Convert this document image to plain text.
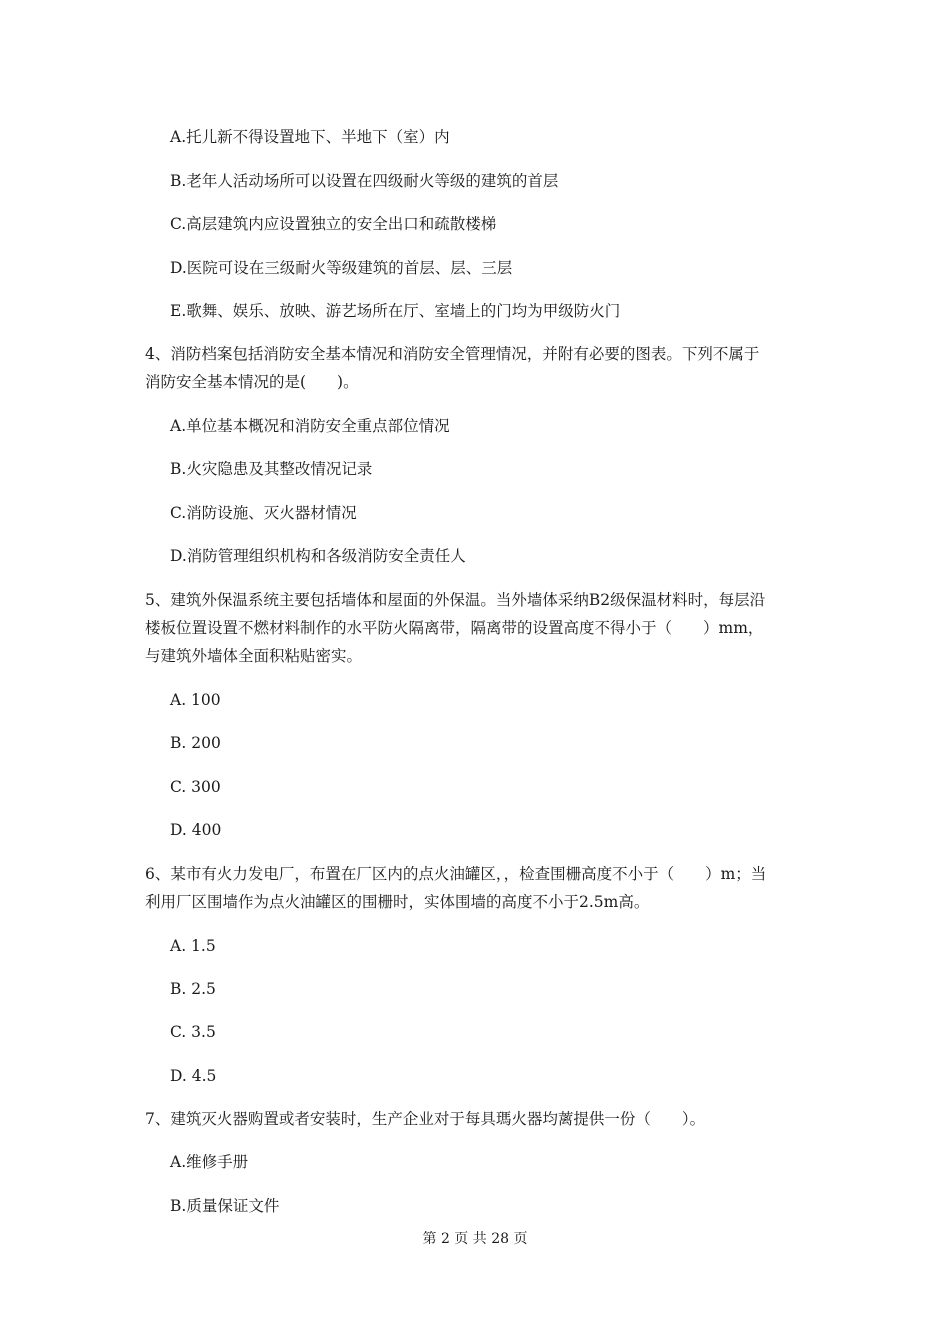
A.托儿新不得设置地下、半地下（室）内
B.老年人活动场所可以设置在四级耐火等级的建筑的首层
C.高层建筑内应设置独立的安全出口和疏散楼梯
D.医院可设在三级耐火等级建筑的首层、层、三层
E.歌舞、娱乐、放映、游艺场所在厅、室墙上的门均为甲级防火门
4、消防档案包括消防安全基本情况和消防安全管理情况，并附有必要的图表。下列不属于
消防安全基本情况的是(　　)。
A.单位基本概况和消防安全重点部位情况
B.火灾隐患及其整改情况记录
C.消防设施、灭火器材情况
D.消防管理组织机构和各级消防安全责任人
5、建筑外保温系统主要包括墙体和屋面的外保温。当外墙体采纳B2级保温材料时，每层沿
楼板位置设置不燃材料制作的水平防火隔离带，隔离带的设置高度不得小于（　　）mm，
与建筑外墙体全面积粘贴密实。
A. 100
B. 200
C. 300
D. 400
6、某市有火力发电厂，布置在厂区内的点火油罐区，，检查围栅高度不小于（　　）m；当
利用厂区围墙作为点火油罐区的围栅时，实体围墙的高度不小于2.5m高。
A. 1.5
B. 2.5
C. 3.5
D. 4.5
7、建筑灭火器购置或者安装时，生产企业对于每具瑪火器均蓠提供一份（　　）。
A.维修手册
B.质量保证文件
第 2 页 共 28 页
